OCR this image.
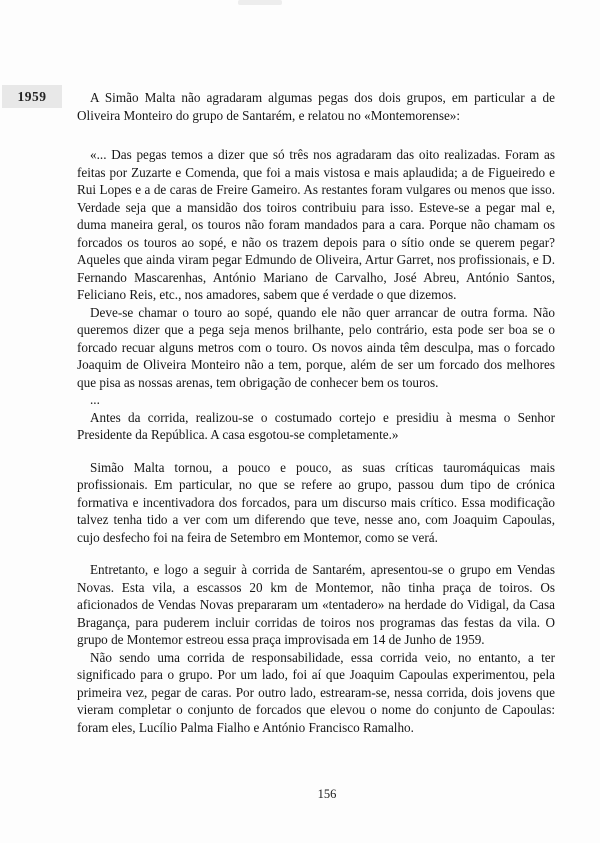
1959	A Simão Malta não agradaram algumas pegas dos dois grupos, em particular a de Oliveira Monteiro do grupo de Santarém, e relatou no «Montemorense»:

«... Das pegas temos a dizer que só três nos agradaram das oito realizadas. Foram as feitas por Zuzarte e Comenda, que foi a mais vistosa e mais aplaudida; a de Figueiredo e Rui Lopes e a de caras de Freire Gameiro. As restantes foram vulgares ou menos que isso. Verdade seja que a mansidão dos toiros contribuiu para isso. Esteve-se a pegar mal e, duma maneira geral, os touros não foram mandados para a cara. Porque não chamam os forcados os touros ao sopé, e não os trazem depois para o sítio onde se querem pegar? Aqueles que ainda viram pegar Edmundo de Oliveira, Artur Garret, nos profissionais, e D. Fernando Mascarenhas, António Mariano de Carvalho, José Abreu, António Santos, Feliciano Reis, etc., nos amadores, sabem que é verdade o que dizemos.

Deve-se chamar o touro ao sopé, quando ele não quer arrancar de outra forma. Não queremos dizer que a pega seja menos brilhante, pelo contrário, esta pode ser boa se o forcado recuar alguns metros com o touro. Os novos ainda têm desculpa, mas o forcado Joaquim de Oliveira Monteiro não a tem, porque, além de ser um forcado dos melhores que pisa as nossas arenas, tem obrigação de conhecer bem os touros.

...

Antes da corrida, realizou-se o costumado cortejo e presidiu à mesma o Senhor Presidente da República. A casa esgotou-se completamente.»

Simão Malta tornou, a pouco e pouco, as suas críticas tauromáquicas mais profissionais. Em particular, no que se refere ao grupo, passou dum tipo de crónica formativa e incentivadora dos forcados, para um discurso mais crítico. Essa modificação talvez tenha tido a ver com um diferendo que teve, nesse ano, com Joaquim Capoulas, cujo desfecho foi na feira de Setembro em Montemor, como se verá.

Entretanto, e logo a seguir à corrida de Santarém, apresentou-se o grupo em Vendas Novas. Esta vila, a escassos 20 km de Montemor, não tinha praça de toiros. Os aficionados de Vendas Novas prepararam um «tentadero» na herdade do Vidigal, da Casa Bragança, para puderem incluir corridas de toiros nos programas das festas da vila. O grupo de Montemor estreou essa praça improvisada em 14 de Junho de 1959.

Não sendo uma corrida de responsabilidade, essa corrida veio, no entanto, a ter significado para o grupo. Por um lado, foi aí que Joaquim Capoulas experimentou, pela primeira vez, pegar de caras. Por outro lado, estrearam-se, nessa corrida, dois jovens que vieram completar o conjunto de forcados que elevou o nome do conjunto de Capoulas: foram eles, Lucílio Palma Fialho e António Francisco Ramalho.

156
